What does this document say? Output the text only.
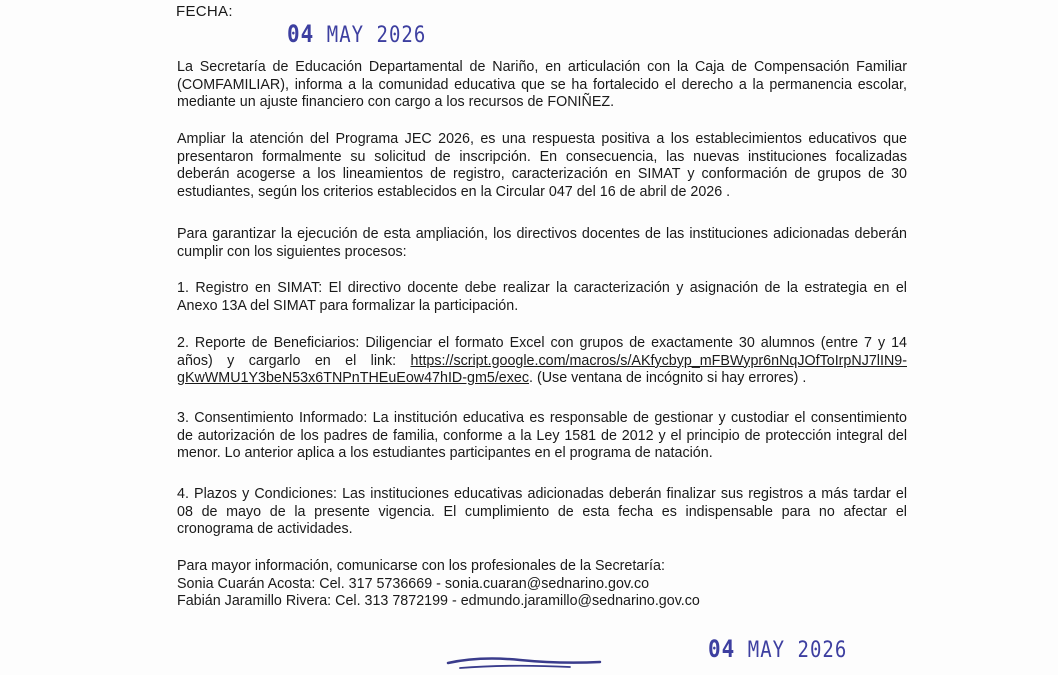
FECHA:
04 MAY 2026
La Secretaría de Educación Departamental de Nariño, en articulación con la Caja de Compensación Familiar (COMFAMILIAR), informa a la comunidad educativa que se ha fortalecido el derecho a la permanencia escolar, mediante un ajuste financiero con cargo a los recursos de FONIÑEZ.
Ampliar la atención del Programa JEC 2026, es una respuesta positiva a los establecimientos educativos que presentaron formalmente su solicitud de inscripción. En consecuencia, las nuevas instituciones focalizadas deberán acogerse a los lineamientos de registro, caracterización en SIMAT y conformación de grupos de 30 estudiantes, según los criterios establecidos en la Circular 047 del 16 de abril de 2026 .
Para garantizar la ejecución de esta ampliación, los directivos docentes de las instituciones adicionadas deberán cumplir con los siguientes procesos:
1. Registro en SIMAT: El directivo docente debe realizar la caracterización y asignación de la estrategia en el Anexo 13A del SIMAT para formalizar la participación.
2. Reporte de Beneficiarios: Diligenciar el formato Excel con grupos de exactamente 30 alumnos (entre 7 y 14 años) y cargarlo en el link: https://script.google.com/macros/s/AKfycbyp_mFBWypr6nNqJOfToIrpNJ7lIN9-gKwWMU1Y3beN53x6TNPnTHEuEow47hID-gm5/exec. (Use ventana de incógnito si hay errores) .
3. Consentimiento Informado: La institución educativa es responsable de gestionar y custodiar el consentimiento de autorización de los padres de familia, conforme a la Ley 1581 de 2012 y el principio de protección integral del menor. Lo anterior aplica a los estudiantes participantes en el programa de natación.
4. Plazos y Condiciones: Las instituciones educativas adicionadas deberán finalizar sus registros a más tardar el 08 de mayo de la presente vigencia. El cumplimiento de esta fecha es indispensable para no afectar el cronograma de actividades.
Para mayor información, comunicarse con los profesionales de la Secretaría:
Sonia Cuarán Acosta: Cel. 317 5736669 - sonia.cuaran@sednarino.gov.co
Fabián Jaramillo Rivera: Cel. 313 7872199 - edmundo.jaramillo@sednarino.gov.co
04 MAY 2026
